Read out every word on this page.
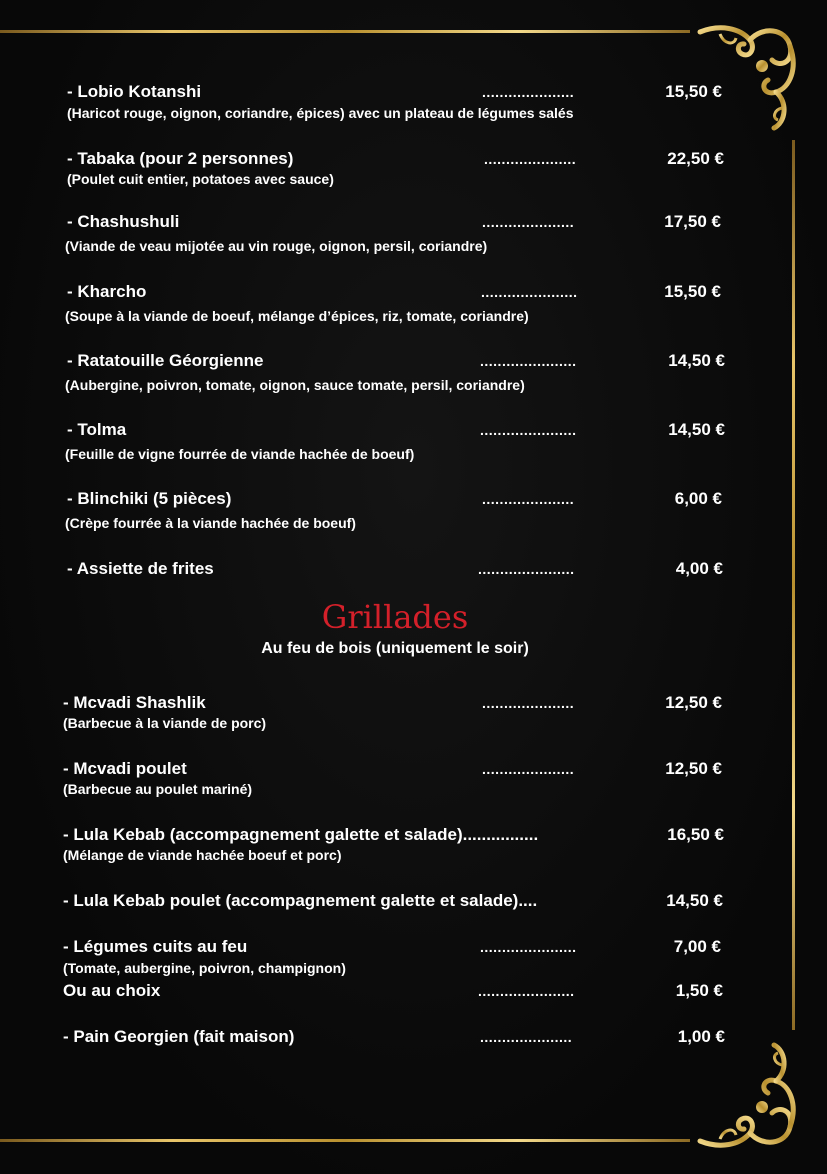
- Lobio Kotanshi	.....................	15,50 €
(Haricot rouge, oignon, coriandre, épices) avec un plateau de légumes salés
- Tabaka (pour 2 personnes)	.....................	22,50 €
(Poulet cuit entier, potatoes avec sauce)
- Chashushuli	.....................	17,50 €
(Viande de veau mijotée au vin rouge, oignon, persil, coriandre)
- Kharcho	......................	15,50 €
(Soupe à la viande de boeuf, mélange d’épices, riz, tomate, coriandre)
- Ratatouille Géorgienne	......................	14,50 €
(Aubergine, poivron, tomate, oignon, sauce tomate, persil, coriandre)
- Tolma	......................	14,50 €
(Feuille de vigne fourrée de viande hachée de boeuf)
- Blinchiki (5 pièces)	.....................	6,00 €
(Crèpe fourrée à la viande hachée de boeuf)
- Assiette de frites	......................	4,00 €
Grillades
Au feu de bois (uniquement le soir)
- Mcvadi Shashlik	.....................	12,50 €
(Barbecue à la viande de porc)
- Mcvadi poulet	.....................	12,50 €
(Barbecue au poulet mariné)
- Lula Kebab (accompagnement galette et salade)................	16,50 €
(Mélange de viande hachée boeuf et porc)
- Lula Kebab poulet (accompagnement galette et salade)....	14,50 €
- Légumes cuits au feu	......................	7,00 €
(Tomate, aubergine, poivron, champignon)
Ou au choix	......................	1,50 €
- Pain Georgien (fait maison)	.....................	1,00 €
